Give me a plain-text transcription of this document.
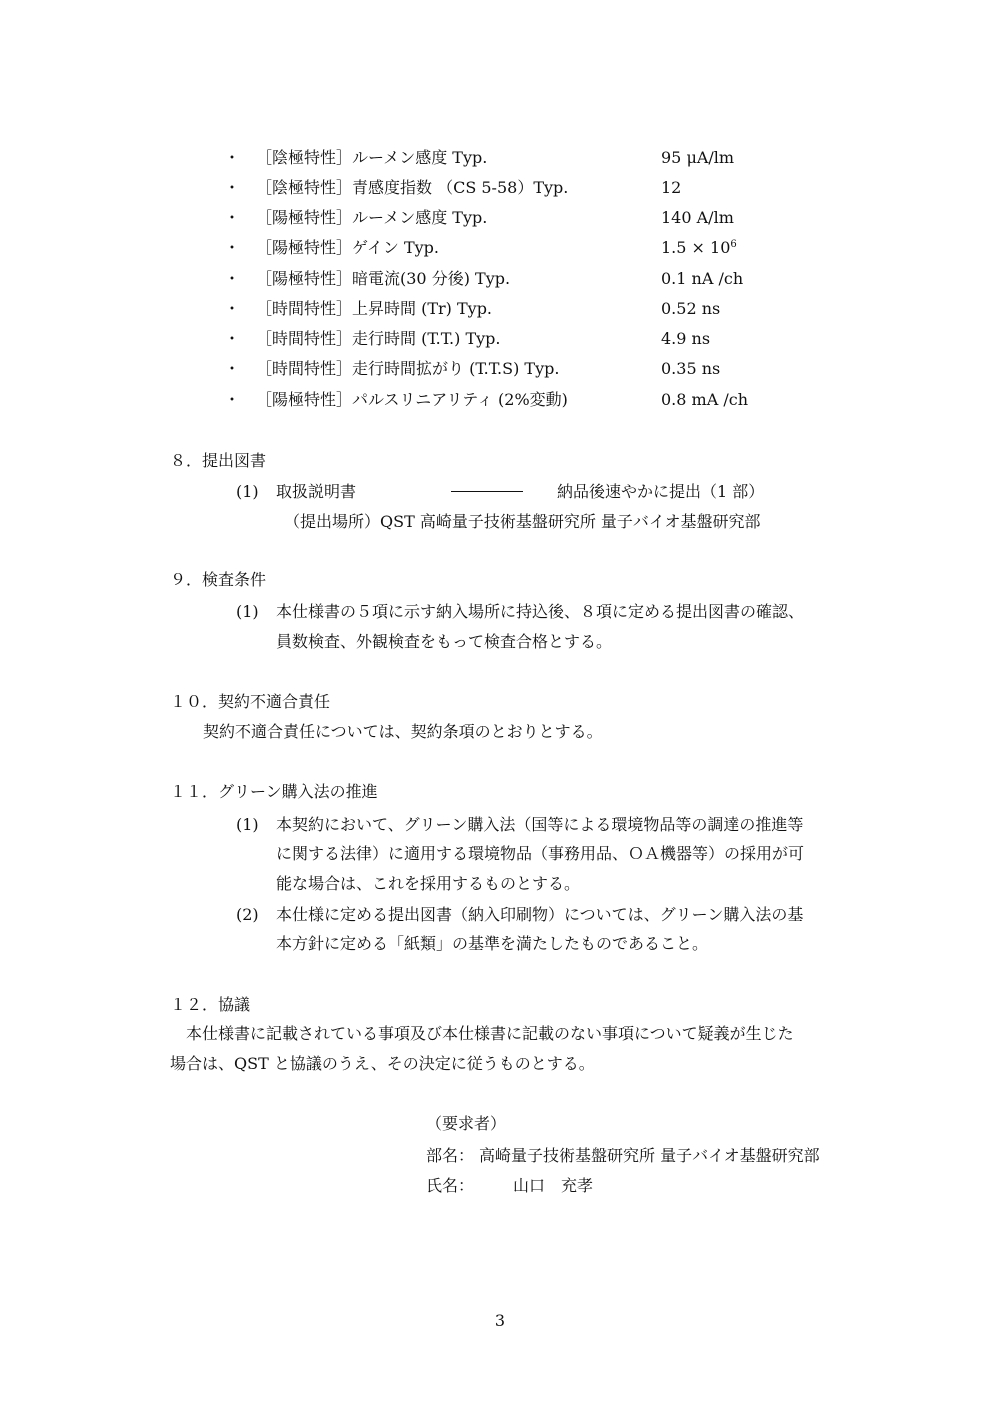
・ ［陰極特性］ルーメン感度 Typ.	95 μA/lm
・ ［陰極特性］青感度指数 （CS 5-58）Typ.	12
・ ［陽極特性］ルーメン感度 Typ.	140 A/lm
・ ［陽極特性］ゲイン Typ.	$1.5 \times 10^6$
・ ［陽極特性］暗電流(30 分後) Typ.	0.1 nA /ch
・ ［時間特性］上昇時間 (Tr) Typ.	0.52 ns
・ ［時間特性］走行時間 (T.T.) Typ.	4.9 ns
・ ［時間特性］走行時間拡がり (T.T.S) Typ.	0.35 ns
・ ［陽極特性］パルスリニアリティ (2%変動)	0.8 mA /ch
８．提出図書
(1) 取扱説明書	納品後速やかに提出（1 部）
（提出場所）QST 高崎量子技術基盤研究所 量子バイオ基盤研究部
９．検査条件
(1) 本仕様書の５項に示す納入場所に持込後、８項に定める提出図書の確認、
員数検査、外観検査をもって検査合格とする。
１０．契約不適合責任
契約不適合責任については、契約条項のとおりとする。
１１．グリーン購入法の推進
(1) 本契約において、グリーン購入法（国等による環境物品等の調達の推進等
に関する法律）に適用する環境物品（事務用品、ＯＡ機器等）の採用が可
能な場合は、これを採用するものとする。
(2) 本仕様に定める提出図書（納入印刷物）については、グリーン購入法の基
本方針に定める「紙類」の基準を満たしたものであること。
１２．協議
本仕様書に記載されている事項及び本仕様書に記載のない事項について疑義が生じた
場合は、QST と協議のうえ、その決定に従うものとする。
（要求者）
部名： 高崎量子技術基盤研究所 量子バイオ基盤研究部
氏名： 山口　充孝
3
